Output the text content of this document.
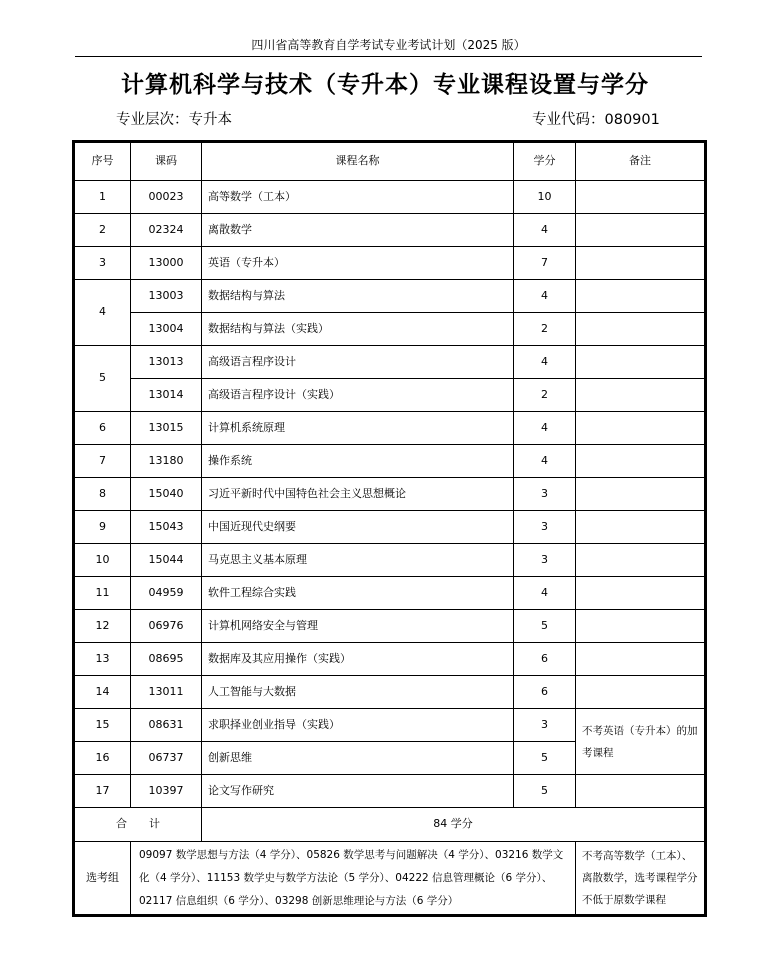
四川省高等教育自学考试专业考试计划（2025 版）
计算机科学与技术（专升本）专业课程设置与学分
专业层次：专升本	专业代码：080901
序号	课码	课程名称	学分	备注
1	00023	高等数学（工本）	10	
2	02324	离散数学	4	
3	13000	英语（专升本）	7	
4	13003	数据结构与算法	4	
	13004	数据结构与算法（实践）	2	
5	13013	高级语言程序设计	4	
	13014	高级语言程序设计（实践）	2	
6	13015	计算机系统原理	4	
7	13180	操作系统	4	
8	15040	习近平新时代中国特色社会主义思想概论	3	
9	15043	中国近现代史纲要	3	
10	15044	马克思主义基本原理	3	
11	04959	软件工程综合实践	4	
12	06976	计算机网络安全与管理	5	
13	08695	数据库及其应用操作（实践）	6	
14	13011	人工智能与大数据	6	
15	08631	求职择业创业指导（实践）	3	不考英语（专升本）的加考课程
16	06737	创新思维	5	
17	10397	论文写作研究	5	
合　　计		84 学分		
选考组	09097 数学思想与方法（4 学分）、05826 数学思考与问题解决（4 学分）、03216 数学文化（4 学分）、11153 数学史与数学方法论（5 学分）、04222 信息管理概论（6 学分）、02117 信息组织（6 学分）、03298 创新思维理论与方法（6 学分）			不考高等数学（工本）、离散数学，选考课程学分不低于原数学课程
